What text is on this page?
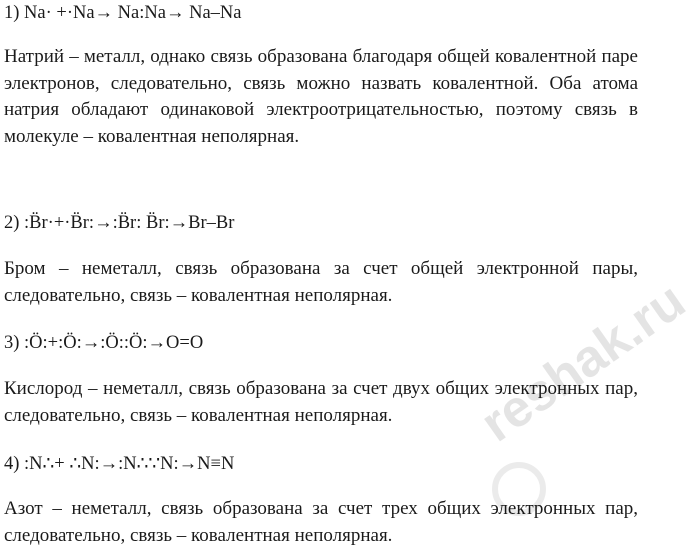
1) Na· +·Na→ Na:Na→ Na–Na
Натрий – металл, однако связь образована благодаря общей ковалентной паре электронов, следовательно, связь можно назвать ковалентной. Оба атома натрия обладают одинаковой электроотрицательностью, поэтому связь в молекуле – ковалентная неполярная.
2) :B̈r·+·B̈r:→:B̈r: B̈r:→Br–Br
Бром – неметалл, связь образована за счет общей электронной пары, следовательно, связь – ковалентная неполярная.
3) :Ö:+:Ö:→:Ö::Ö:→O=O
Кислород – неметалл, связь образована за счет двух общих электронных пар, следовательно, связь – ковалентная неполярная.
4) :N∴+ ∴N:→:N∴∵N:→N≡N
Азот – неметалл, связь образована за счет трех общих электронных пар, следовательно, связь – ковалентная неполярная.
reshak.ru
